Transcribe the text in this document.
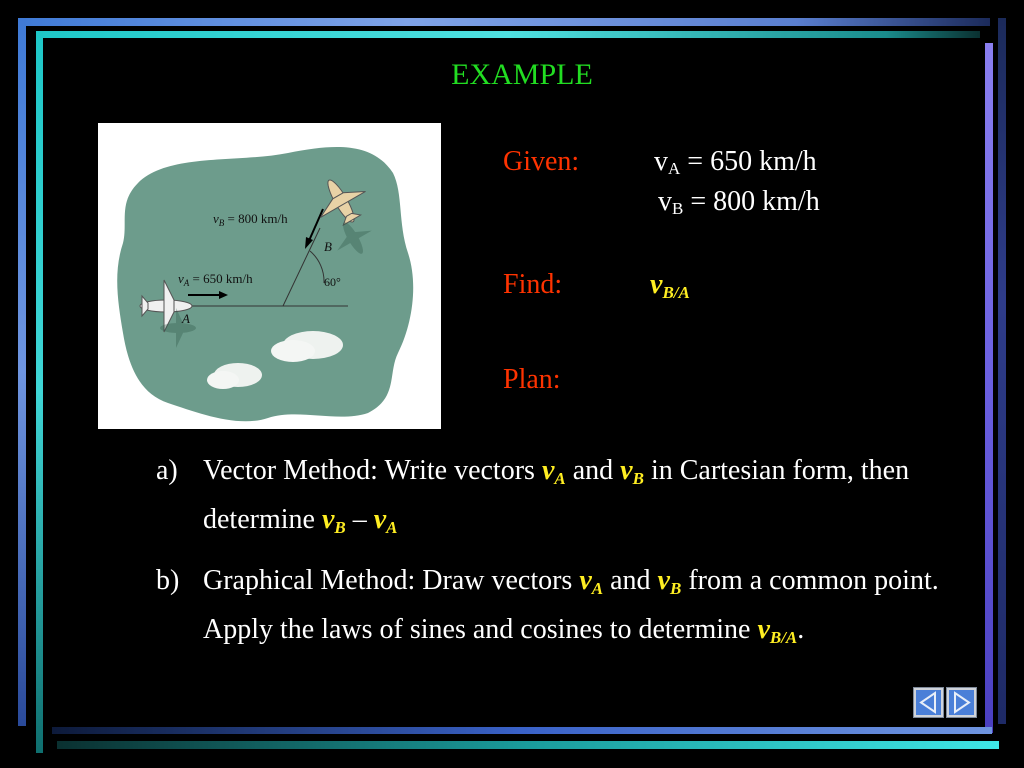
EXAMPLE
$v_B = 800$ km/h
$v_A = 650$ km/h
A
B
60°
Given:	$v_A = 650$ km/h
$v_B = 800$ km/h
Find:	$v_{B/A}$
Plan:
a) Vector Method: Write vectors $v_A$ and $v_B$ in Cartesian form, then determine $v_B - v_A$
b) Graphical Method: Draw vectors $v_A$ and $v_B$ from a common point. Apply the laws of sines and cosines to determine $v_{B/A}$.
